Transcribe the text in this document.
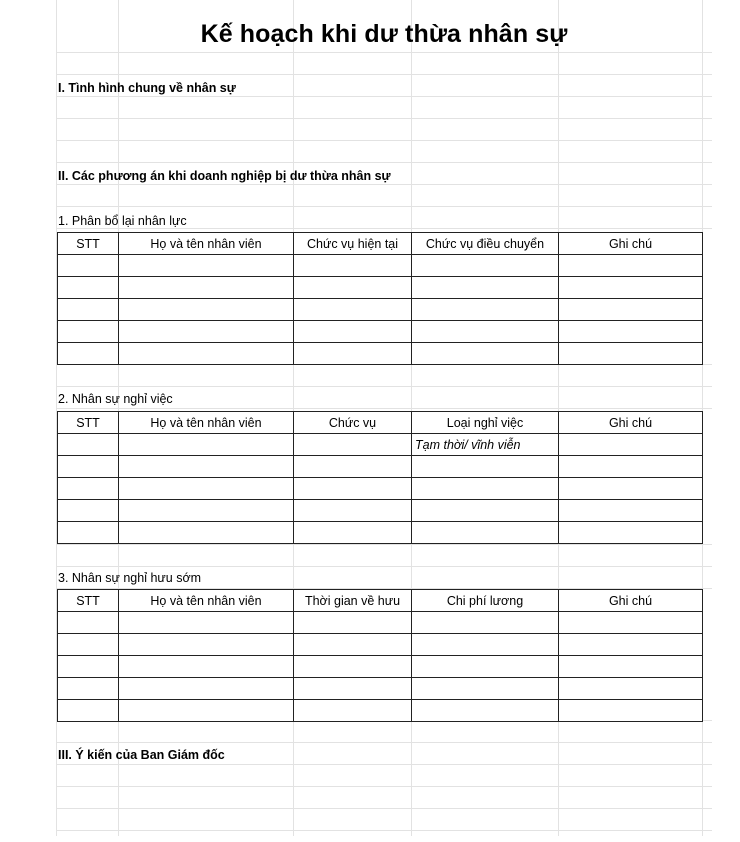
Kế hoạch khi dư thừa nhân sự
I. Tình hình chung về nhân sự
II. Các phương án khi doanh nghiệp bị dư thừa nhân sự
1. Phân bổ lại nhân lực
STT	Họ và tên nhân viên	Chức vụ hiện tại	Chức vụ điều chuyển	Ghi chú

2. Nhân sự nghỉ việc
STT	Họ và tên nhân viên	Chức vụ	Loại nghỉ việc	Ghi chú
			Tạm thời/ vĩnh viễn	

3. Nhân sự nghỉ hưu sớm
STT	Họ và tên nhân viên	Thời gian về hưu	Chi phí lương	Ghi chú

III. Ý kiến của Ban Giám đốc
